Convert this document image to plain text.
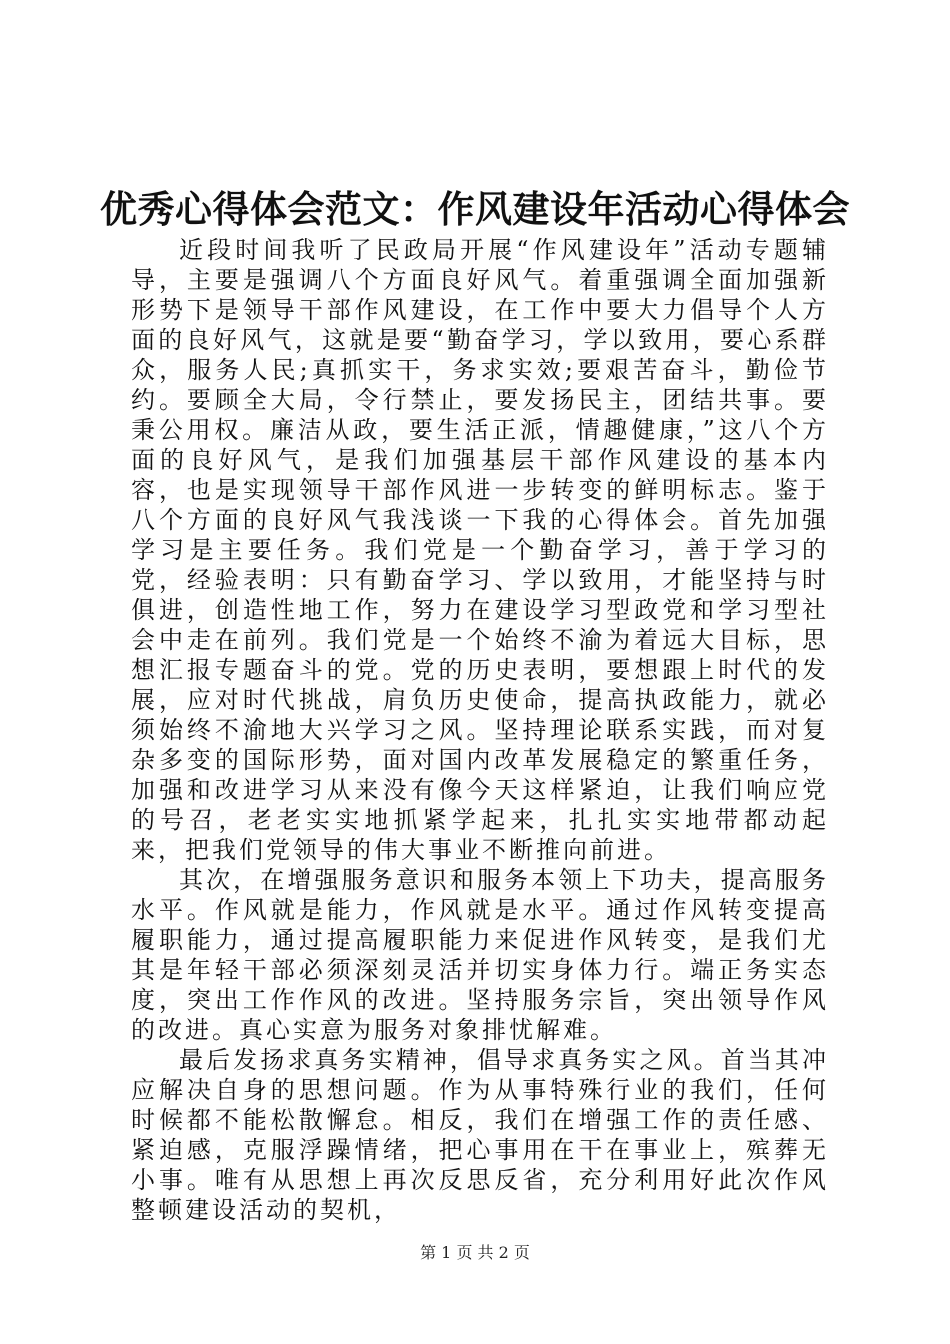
优秀心得体会范文：作风建设年活动心得体会

近段时间我听了民政局开展“作风建设年”活动专题辅导，主要是强调八个方面良好风气。着重强调全面加强新形势下是领导干部作风建设，在工作中要大力倡导个人方面的良好风气，这就是要“勤奋学习，学以致用，要心系群众，服务人民;真抓实干，务求实效;要艰苦奋斗，勤俭节约。要顾全大局，令行禁止，要发扬民主，团结共事。要秉公用权。廉洁从政，要生活正派，情趣健康，”这八个方面的良好风气，是我们加强基层干部作风建设的基本内容，也是实现领导干部作风进一步转变的鲜明标志。鉴于八个方面的良好风气我浅谈一下我的心得体会。首先加强学习是主要任务。我们党是一个勤奋学习，善于学习的党，经验表明：只有勤奋学习、学以致用，才能坚持与时俱进，创造性地工作，努力在建设学习型政党和学习型社会中走在前列。我们党是一个始终不渝为着远大目标，思想汇报专题奋斗的党。党的历史表明，要想跟上时代的发展，应对时代挑战，肩负历史使命，提高执政能力，就必须始终不渝地大兴学习之风。坚持理论联系实践，而对复杂多变的国际形势，面对国内改革发展稳定的繁重任务，加强和改进学习从来没有像今天这样紧迫，让我们响应党的号召，老老实实地抓紧学起来，扎扎实实地带都动起来，把我们党领导的伟大事业不断推向前进。

其次，在增强服务意识和服务本领上下功夫，提高服务水平。作风就是能力，作风就是水平。通过作风转变提高履职能力，通过提高履职能力来促进作风转变，是我们尤其是年轻干部必须深刻灵活并切实身体力行。端正务实态度，突出工作作风的改进。坚持服务宗旨，突出领导作风的改进。真心实意为服务对象排忧解难。

最后发扬求真务实精神，倡导求真务实之风。首当其冲应解决自身的思想问题。作为从事特殊行业的我们，任何时候都不能松散懈怠。相反，我们在增强工作的责任感、紧迫感，克服浮躁情绪，把心事用在干在事业上，殡葬无小事。唯有从思想上再次反思反省，充分利用好此次作风整顿建设活动的契机，

第 1 页 共 2 页
